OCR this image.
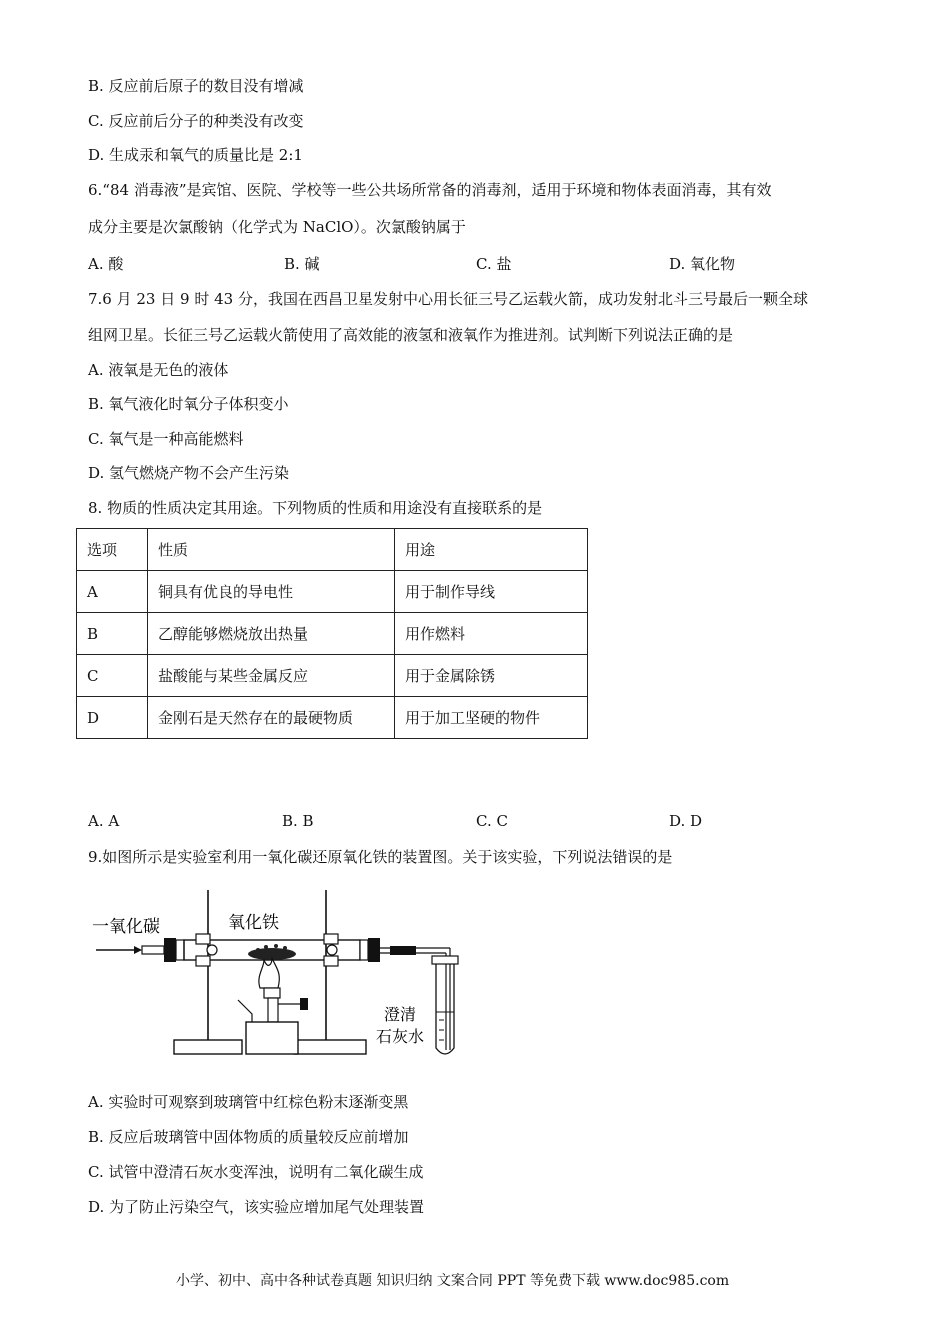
B. 反应前后原子的数目没有增减
C. 反应前后分子的种类没有改变
D. 生成汞和氧气的质量比是 2:1
6.“84 消毒液”是宾馆、医院、学校等一些公共场所常备的消毒剂，适用于环境和物体表面消毒，其有效
成分主要是次氯酸钠（化学式为 NaClO）。次氯酸钠属于
A. 酸	B. 碱	C. 盐	D. 氧化物
7.6 月 23 日 9 时 43 分，我国在西昌卫星发射中心用长征三号乙运载火箭，成功发射北斗三号最后一颗全球
组网卫星。长征三号乙运载火箭使用了高效能的液氢和液氧作为推进剂。试判断下列说法正确的是
A. 液氧是无色的液体
B. 氧气液化时氧分子体积变小
C. 氧气是一种高能燃料
D. 氢气燃烧产物不会产生污染
8. 物质的性质决定其用途。下列物质的性质和用途没有直接联系的是
选项	性质	用途
A	铜具有优良的导电性	用于制作导线
B	乙醇能够燃烧放出热量	用作燃料
C	盐酸能与某些金属反应	用于金属除锈
D	金刚石是天然存在的最硬物质	用于加工坚硬的物件
A. A	B. B	C. C	D. D
9.如图所示是实验室利用一氧化碳还原氧化铁的装置图。关于该实验，下列说法错误的是
一氧化碳	氧化铁
澄清
石灰水
A. 实验时可观察到玻璃管中红棕色粉末逐渐变黑
B. 反应后玻璃管中固体物质的质量较反应前增加
C. 试管中澄清石灰水变浑浊，说明有二氧化碳生成
D. 为了防止污染空气，该实验应增加尾气处理装置
小学、初中、高中各种试卷真题 知识归纳 文案合同 PPT 等免费下载 www.doc985.com
